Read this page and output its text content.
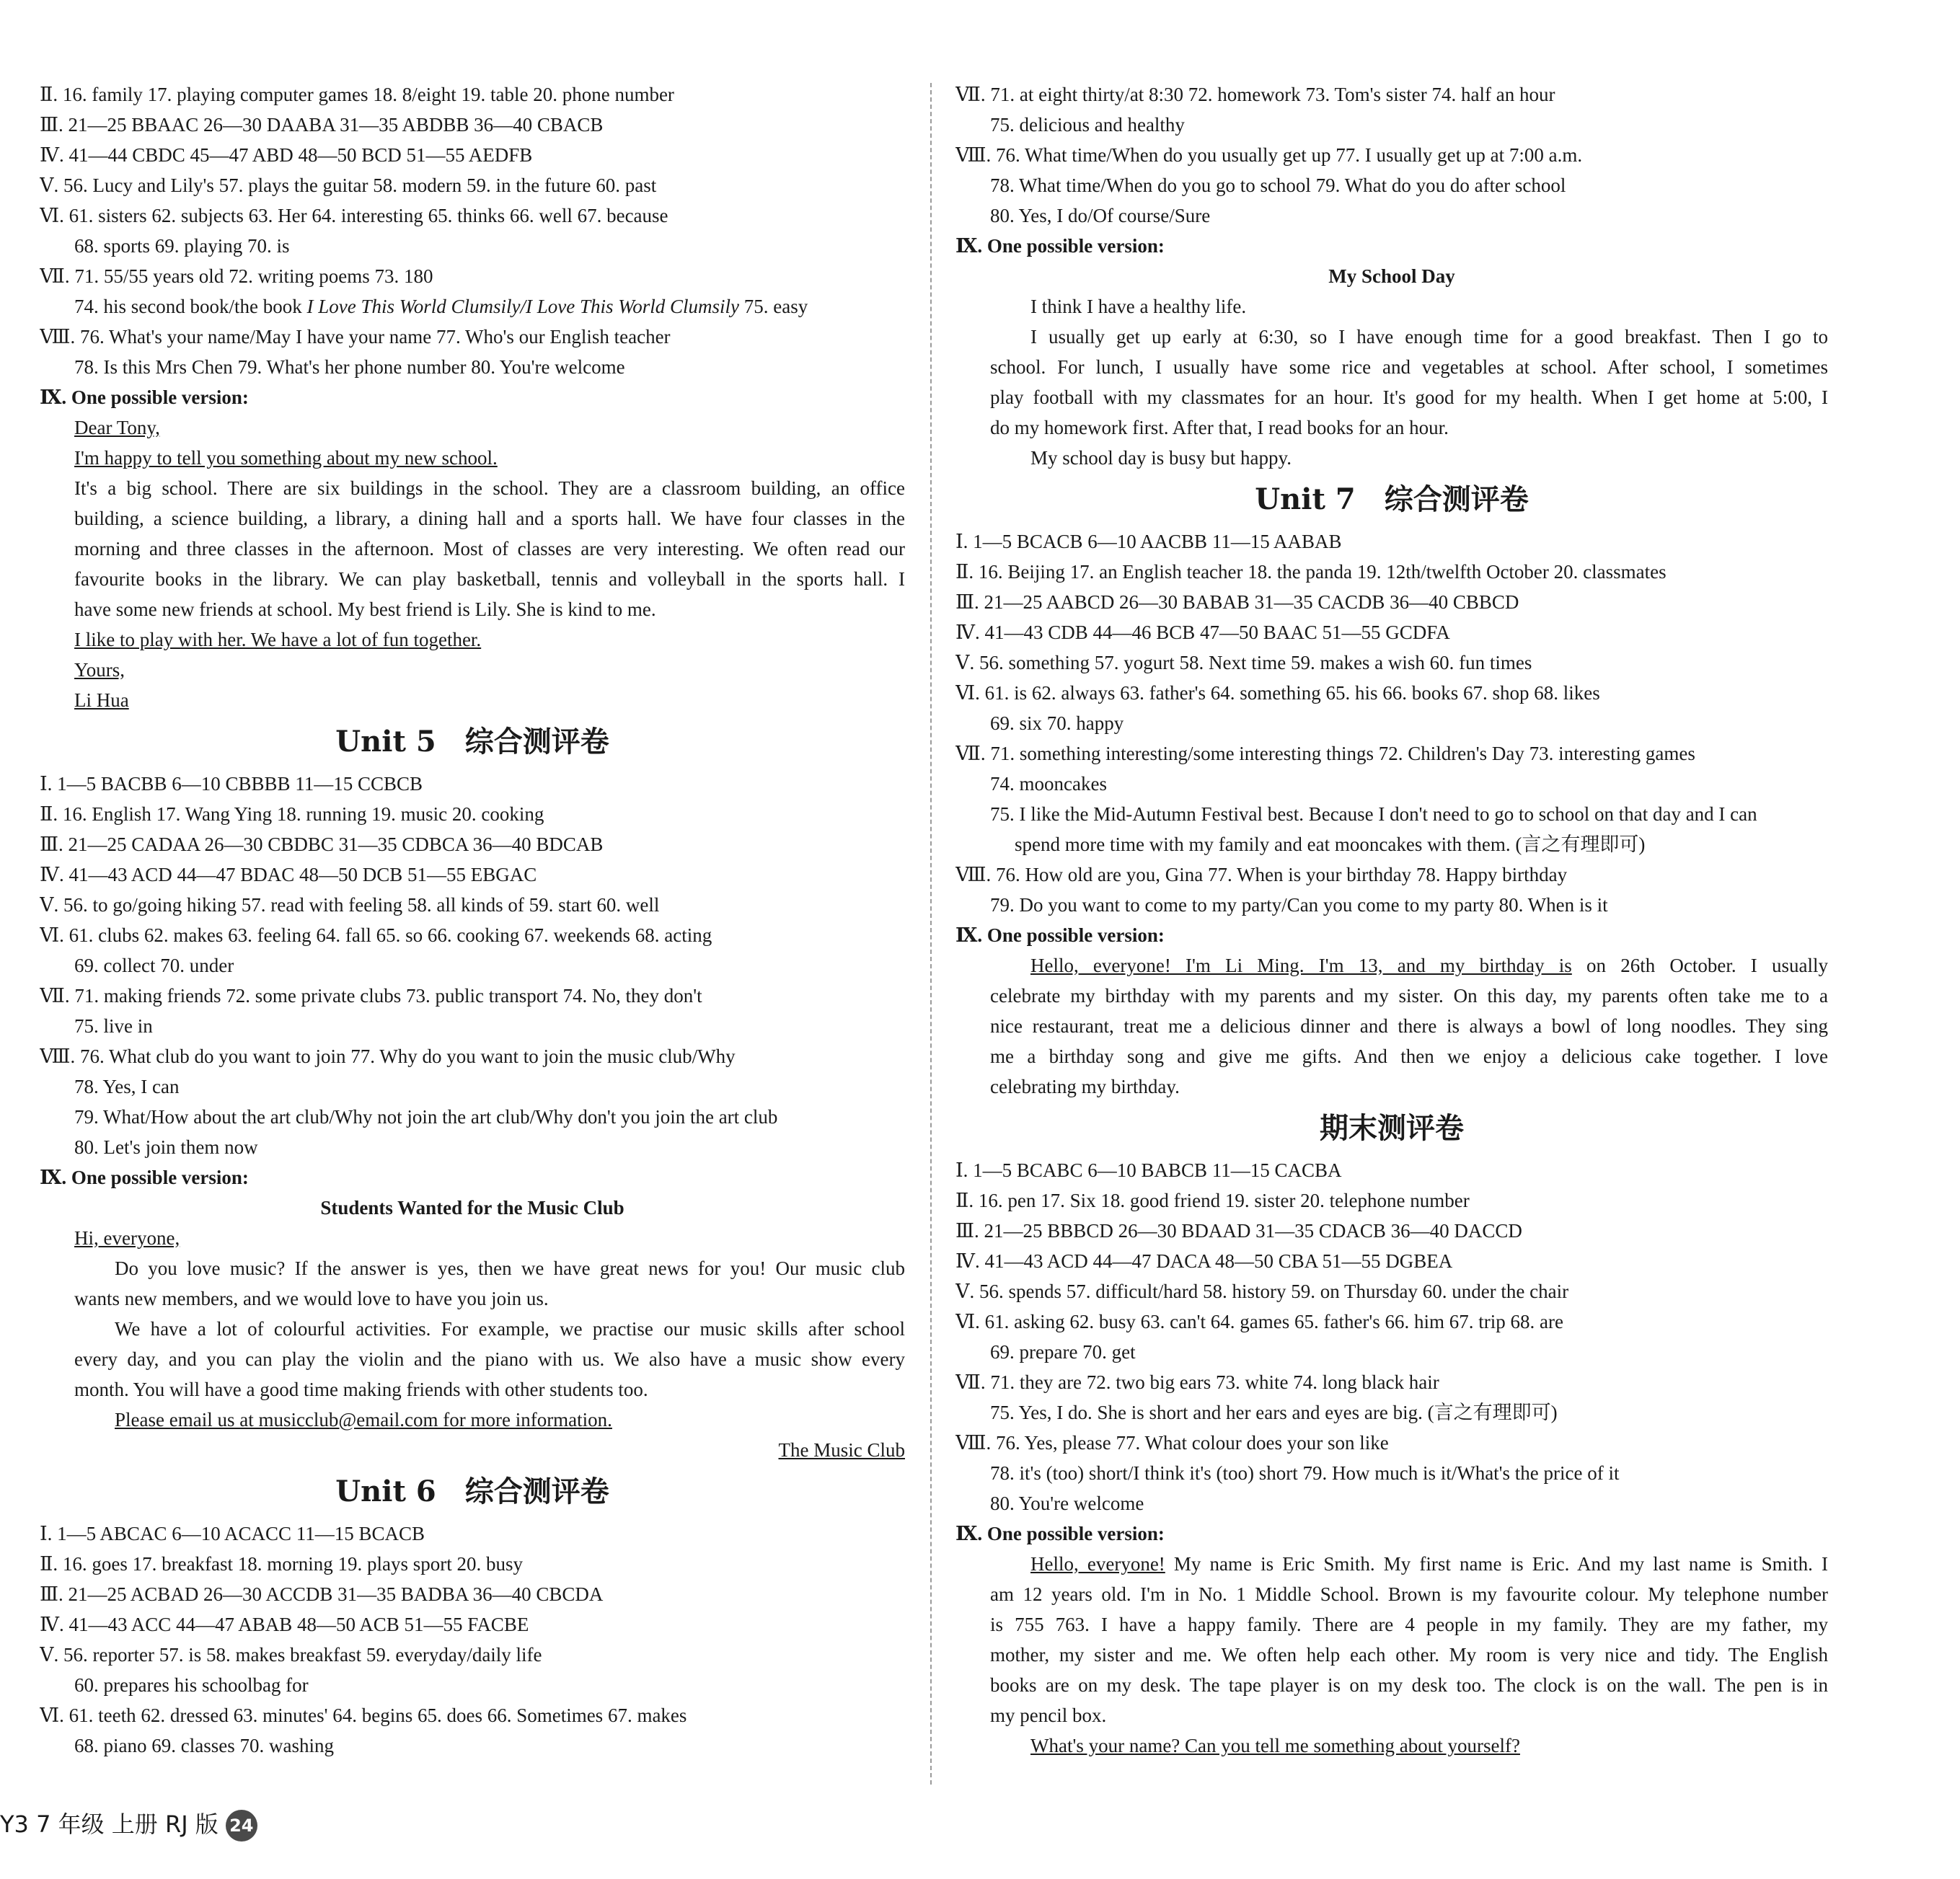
Ⅱ. 16. family 17. playing computer games 18. 8/eight 19. table 20. phone number
Ⅲ. 21—25 BBAAC 26—30 DAABA 31—35 ABDBB 36—40 CBACB
Ⅳ. 41—44 CBDC 45—47 ABD 48—50 BCD 51—55 AEDFB
Ⅴ. 56. Lucy and Lily's 57. plays the guitar 58. modern 59. in the future 60. past
Ⅵ. 61. sisters 62. subjects 63. Her 64. interesting 65. thinks 66. well 67. because
68. sports 69. playing 70. is
Ⅶ. 71. 55/55 years old 72. writing poems 73. 180
74. his second book/the book I Love This World Clumsily/I Love This World Clumsily 75. easy
Ⅷ. 76. What's your name/May I have your name 77. Who's our English teacher
78. Is this Mrs Chen 79. What's her phone number 80. You're welcome
Ⅸ. One possible version:
Dear Tony,
I'm happy to tell you something about my new school.
It's a big school. There are six buildings in the school. They are a classroom building, an office
building, a science building, a library, a dining hall and a sports hall. We have four classes in the
morning and three classes in the afternoon. Most of classes are very interesting. We often read our
favourite books in the library. We can play basketball, tennis and volleyball in the sports hall. I
have some new friends at school. My best friend is Lily. She is kind to me.
I like to play with her. We have a lot of fun together.
Yours,
Li Hua
Unit 5　综合测评卷
Ⅰ. 1—5 BACBB 6—10 CBBBB 11—15 CCBCB
Ⅱ. 16. English 17. Wang Ying 18. running 19. music 20. cooking
Ⅲ. 21—25 CADAA 26—30 CBDBC 31—35 CDBCA 36—40 BDCAB
Ⅳ. 41—43 ACD 44—47 BDAC 48—50 DCB 51—55 EBGAC
Ⅴ. 56. to go/going hiking 57. read with feeling 58. all kinds of 59. start 60. well
Ⅵ. 61. clubs 62. makes 63. feeling 64. fall 65. so 66. cooking 67. weekends 68. acting
69. collect 70. under
Ⅶ. 71. making friends 72. some private clubs 73. public transport 74. No, they don't
75. live in
Ⅷ. 76. What club do you want to join 77. Why do you want to join the music club/Why
78. Yes, I can
79. What/How about the art club/Why not join the art club/Why don't you join the art club
80. Let's join them now
Ⅸ. One possible version:
Students Wanted for the Music Club
Hi, everyone,
Do you love music? If the answer is yes, then we have great news for you! Our music club
wants new members, and we would love to have you join us.
We have a lot of colourful activities. For example, we practise our music skills after school
every day, and you can play the violin and the piano with us. We also have a music show every
month. You will have a good time making friends with other students too.
Please email us at musicclub@email.com for more information.
The Music Club
Unit 6　综合测评卷
Ⅰ. 1—5 ABCAC 6—10 ACACC 11—15 BCACB
Ⅱ. 16. goes 17. breakfast 18. morning 19. plays sport 20. busy
Ⅲ. 21—25 ACBAD 26—30 ACCDB 31—35 BADBA 36—40 CBCDA
Ⅳ. 41—43 ACC 44—47 ABAB 48—50 ACB 51—55 FACBE
Ⅴ. 56. reporter 57. is 58. makes breakfast 59. everyday/daily life
60. prepares his schoolbag for
Ⅵ. 61. teeth 62. dressed 63. minutes' 64. begins 65. does 66. Sometimes 67. makes
68. piano 69. classes 70. washing
Ⅶ. 71. at eight thirty/at 8:30 72. homework 73. Tom's sister 74. half an hour
75. delicious and healthy
Ⅷ. 76. What time/When do you usually get up 77. I usually get up at 7:00 a.m.
78. What time/When do you go to school 79. What do you do after school
80. Yes, I do/Of course/Sure
Ⅸ. One possible version:
My School Day
I think I have a healthy life.
I usually get up early at 6:30, so I have enough time for a good breakfast. Then I go to
school. For lunch, I usually have some rice and vegetables at school. After school, I sometimes
play football with my classmates for an hour. It's good for my health. When I get home at 5:00, I
do my homework first. After that, I read books for an hour.
My school day is busy but happy.
Unit 7　综合测评卷
Ⅰ. 1—5 BCACB 6—10 AACBB 11—15 AABAB
Ⅱ. 16. Beijing 17. an English teacher 18. the panda 19. 12th/twelfth October 20. classmates
Ⅲ. 21—25 AABCD 26—30 BABAB 31—35 CACDB 36—40 CBBCD
Ⅳ. 41—43 CDB 44—46 BCB 47—50 BAAC 51—55 GCDFA
Ⅴ. 56. something 57. yogurt 58. Next time 59. makes a wish 60. fun times
Ⅵ. 61. is 62. always 63. father's 64. something 65. his 66. books 67. shop 68. likes
69. six 70. happy
Ⅶ. 71. something interesting/some interesting things 72. Children's Day 73. interesting games
74. mooncakes
75. I like the Mid-Autumn Festival best. Because I don't need to go to school on that day and I can
spend more time with my family and eat mooncakes with them. (言之有理即可)
Ⅷ. 76. How old are you, Gina 77. When is your birthday 78. Happy birthday
79. Do you want to come to my party/Can you come to my party 80. When is it
Ⅸ. One possible version:
Hello, everyone! I'm Li Ming. I'm 13, and my birthday is on 26th October. I usually
celebrate my birthday with my parents and my sister. On this day, my parents often take me to a
nice restaurant, treat me a delicious dinner and there is always a bowl of long noodles. They sing
me a birthday song and give me gifts. And then we enjoy a delicious cake together. I love
celebrating my birthday.
期末测评卷
Ⅰ. 1—5 BCABC 6—10 BABCB 11—15 CACBA
Ⅱ. 16. pen 17. Six 18. good friend 19. sister 20. telephone number
Ⅲ. 21—25 BBBCD 26—30 BDAAD 31—35 CDACB 36—40 DACCD
Ⅳ. 41—43 ACD 44—47 DACA 48—50 CBA 51—55 DGBEA
Ⅴ. 56. spends 57. difficult/hard 58. history 59. on Thursday 60. under the chair
Ⅵ. 61. asking 62. busy 63. can't 64. games 65. father's 66. him 67. trip 68. are
69. prepare 70. get
Ⅶ. 71. they are 72. two big ears 73. white 74. long black hair
75. Yes, I do. She is short and her ears and eyes are big. (言之有理即可)
Ⅷ. 76. Yes, please 77. What colour does your son like
78. it's (too) short/I think it's (too) short 79. How much is it/What's the price of it
80. You're welcome
Ⅸ. One possible version:
Hello, everyone! My name is Eric Smith. My first name is Eric. And my last name is Smith. I
am 12 years old. I'm in No. 1 Middle School. Brown is my favourite colour. My telephone number
is 755 763. I have a happy family. There are 4 people in my family. They are my father, my
mother, my sister and me. We often help each other. My room is very nice and tidy. The English
books are on my desk. The tape player is on my desk too. The clock is on the wall. The pen is in
my pencil box.
What's your name? Can you tell me something about yourself?
Y3 7 年级 上册 RJ 版 24
